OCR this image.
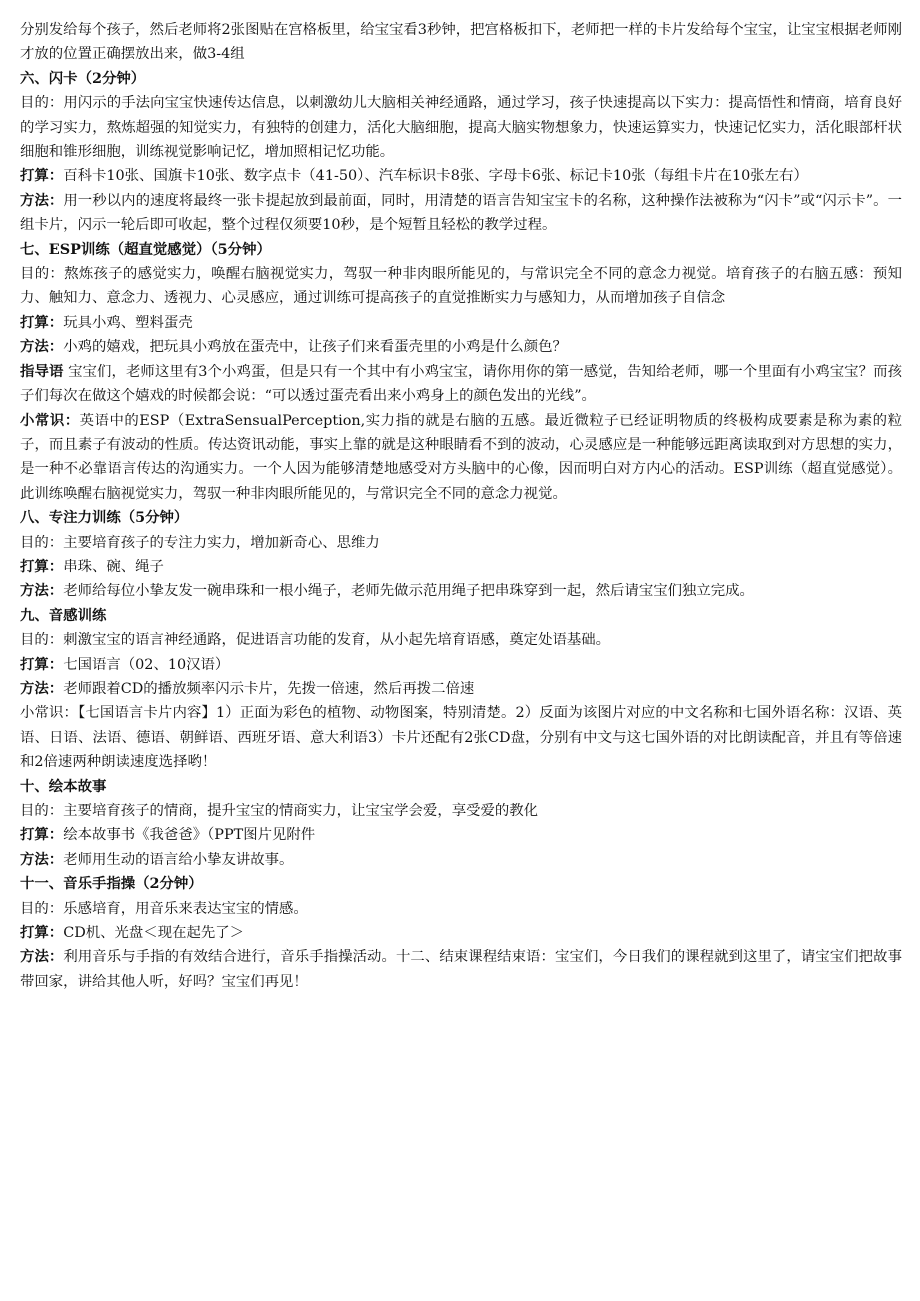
分别发给每个孩子，然后老师将2张图贴在宫格板里，给宝宝看3秒钟，把宫格板扣下，老师把一样的卡片发给每个宝宝，让宝宝根据老师刚才放的位置正确摆放出来，做3-4组

六、闪卡（2分钟）

目的：用闪示的手法向宝宝快速传达信息，以刺激幼儿大脑相关神经通路，通过学习，孩子快速提高以下实力：提高悟性和情商，培育良好的学习实力，熬炼超强的知觉实力，有独特的创建力，活化大脑细胞，提高大脑实物想象力，快速运算实力，快速记忆实力，活化眼部杆状细胞和锥形细胞，训练视觉影响记忆，增加照相记忆功能。

打算：百科卡10张、国旗卡10张、数字点卡（41-50）、汽车标识卡8张、字母卡6张、标记卡10张（每组卡片在10张左右）

方法：用一秒以内的速度将最终一张卡提起放到最前面，同时，用清楚的语言告知宝宝卡的名称，这种操作法被称为“闪卡”或“闪示卡”。一组卡片，闪示一轮后即可收起，整个过程仅须要10秒，是个短暂且轻松的教学过程。

七、ESP训练（超直觉感觉）（5分钟）

目的：熬炼孩子的感觉实力，唤醒右脑视觉实力，驾驭一种非肉眼所能见的，与常识完全不同的意念力视觉。培育孩子的右脑五感：预知力、触知力、意念力、透视力、心灵感应，通过训练可提高孩子的直觉推断实力与感知力，从而增加孩子自信念

打算：玩具小鸡、塑料蛋壳

方法：小鸡的嬉戏，把玩具小鸡放在蛋壳中，让孩子们来看蛋壳里的小鸡是什么颜色？

指导语 宝宝们，老师这里有3个小鸡蛋，但是只有一个其中有小鸡宝宝，请你用你的第一感觉，告知给老师，哪一个里面有小鸡宝宝？而孩子们每次在做这个嬉戏的时候都会说：“可以透过蛋壳看出来小鸡身上的颜色发出的光线”。

小常识：英语中的ESP（ExtraSensualPerception,实力指的就是右脑的五感。最近微粒子已经证明物质的终极构成要素是称为素的粒子，而且素子有波动的性质。传达资讯动能，事实上靠的就是这种眼睛看不到的波动，心灵感应是一种能够远距离读取到对方思想的实力，是一种不必靠语言传达的沟通实力。一个人因为能够清楚地感受对方头脑中的心像，因而明白对方内心的活动。ESP训练（超直觉感觉）。此训练唤醒右脑视觉实力，驾驭一种非肉眼所能见的，与常识完全不同的意念力视觉。

八、专注力训练（5分钟）

目的：主要培育孩子的专注力实力，增加新奇心、思维力

打算：串珠、碗、绳子

方法：老师给每位小挚友发一碗串珠和一根小绳子，老师先做示范用绳子把串珠穿到一起，然后请宝宝们独立完成。

九、音感训练

目的：刺激宝宝的语言神经通路，促进语言功能的发育，从小起先培育语感，奠定处语基础。

打算：七国语言（02、10汉语）

方法：老师跟着CD的播放频率闪示卡片，先拨一倍速，然后再拨二倍速

小常识：【七国语言卡片内容】1）正面为彩色的植物、动物图案，特别清楚。2）反面为该图片对应的中文名称和七国外语名称：汉语、英语、日语、法语、德语、朝鲜语、西班牙语、意大利语3）卡片还配有2张CD盘，分别有中文与这七国外语的对比朗读配音，并且有等倍速和2倍速两种朗读速度选择哟！

十、绘本故事

目的：主要培育孩子的情商，提升宝宝的情商实力，让宝宝学会爱，享受爱的教化

打算：绘本故事书《我爸爸》（PPT图片见附件

方法：老师用生动的语言给小挚友讲故事。

十一、音乐手指操（2分钟）

目的：乐感培育，用音乐来表达宝宝的情感。

打算：CD机、光盘＜现在起先了＞

方法：利用音乐与手指的有效结合进行，音乐手指操活动。十二、结束课程结束语：宝宝们，今日我们的课程就到这里了，请宝宝们把故事带回家，讲给其他人听，好吗？宝宝们再见！
